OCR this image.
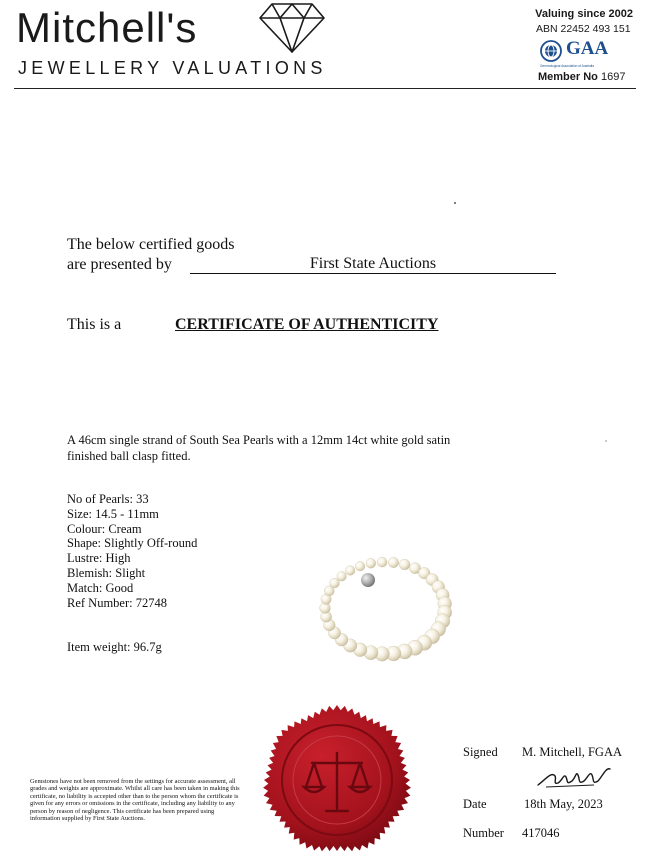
Mitchell's
JEWELLERY VALUATIONS
Valuing since 2002
ABN 22452 493 151
GAA
Gemmological Association of Australia
Member No 1697
The below certified goods
are presented by	First State Auctions
This is a	CERTIFICATE OF AUTHENTICITY
A 46cm single strand of South Sea Pearls with a 12mm 14ct white gold satin finished ball clasp fitted.
No of Pearls: 33
Size: 14.5 - 11mm
Colour: Cream
Shape: Slightly Off-round
Lustre: High
Blemish: Slight
Match: Good
Ref Number: 72748
Item weight: 96.7g
Gemstones have not been removed from the settings for accurate assessment, all grades and weights are approximate. Whilst all care has been taken in making this certificate, no liability is accepted other than to the person whom the certificate is given for any errors or omissions in the certificate, including any liability to any person by reason of negligence. This certificate has been prepared using information supplied by First State Auctions.
Signed M. Mitchell, FGAA
Date	18th May, 2023
Number 417046
